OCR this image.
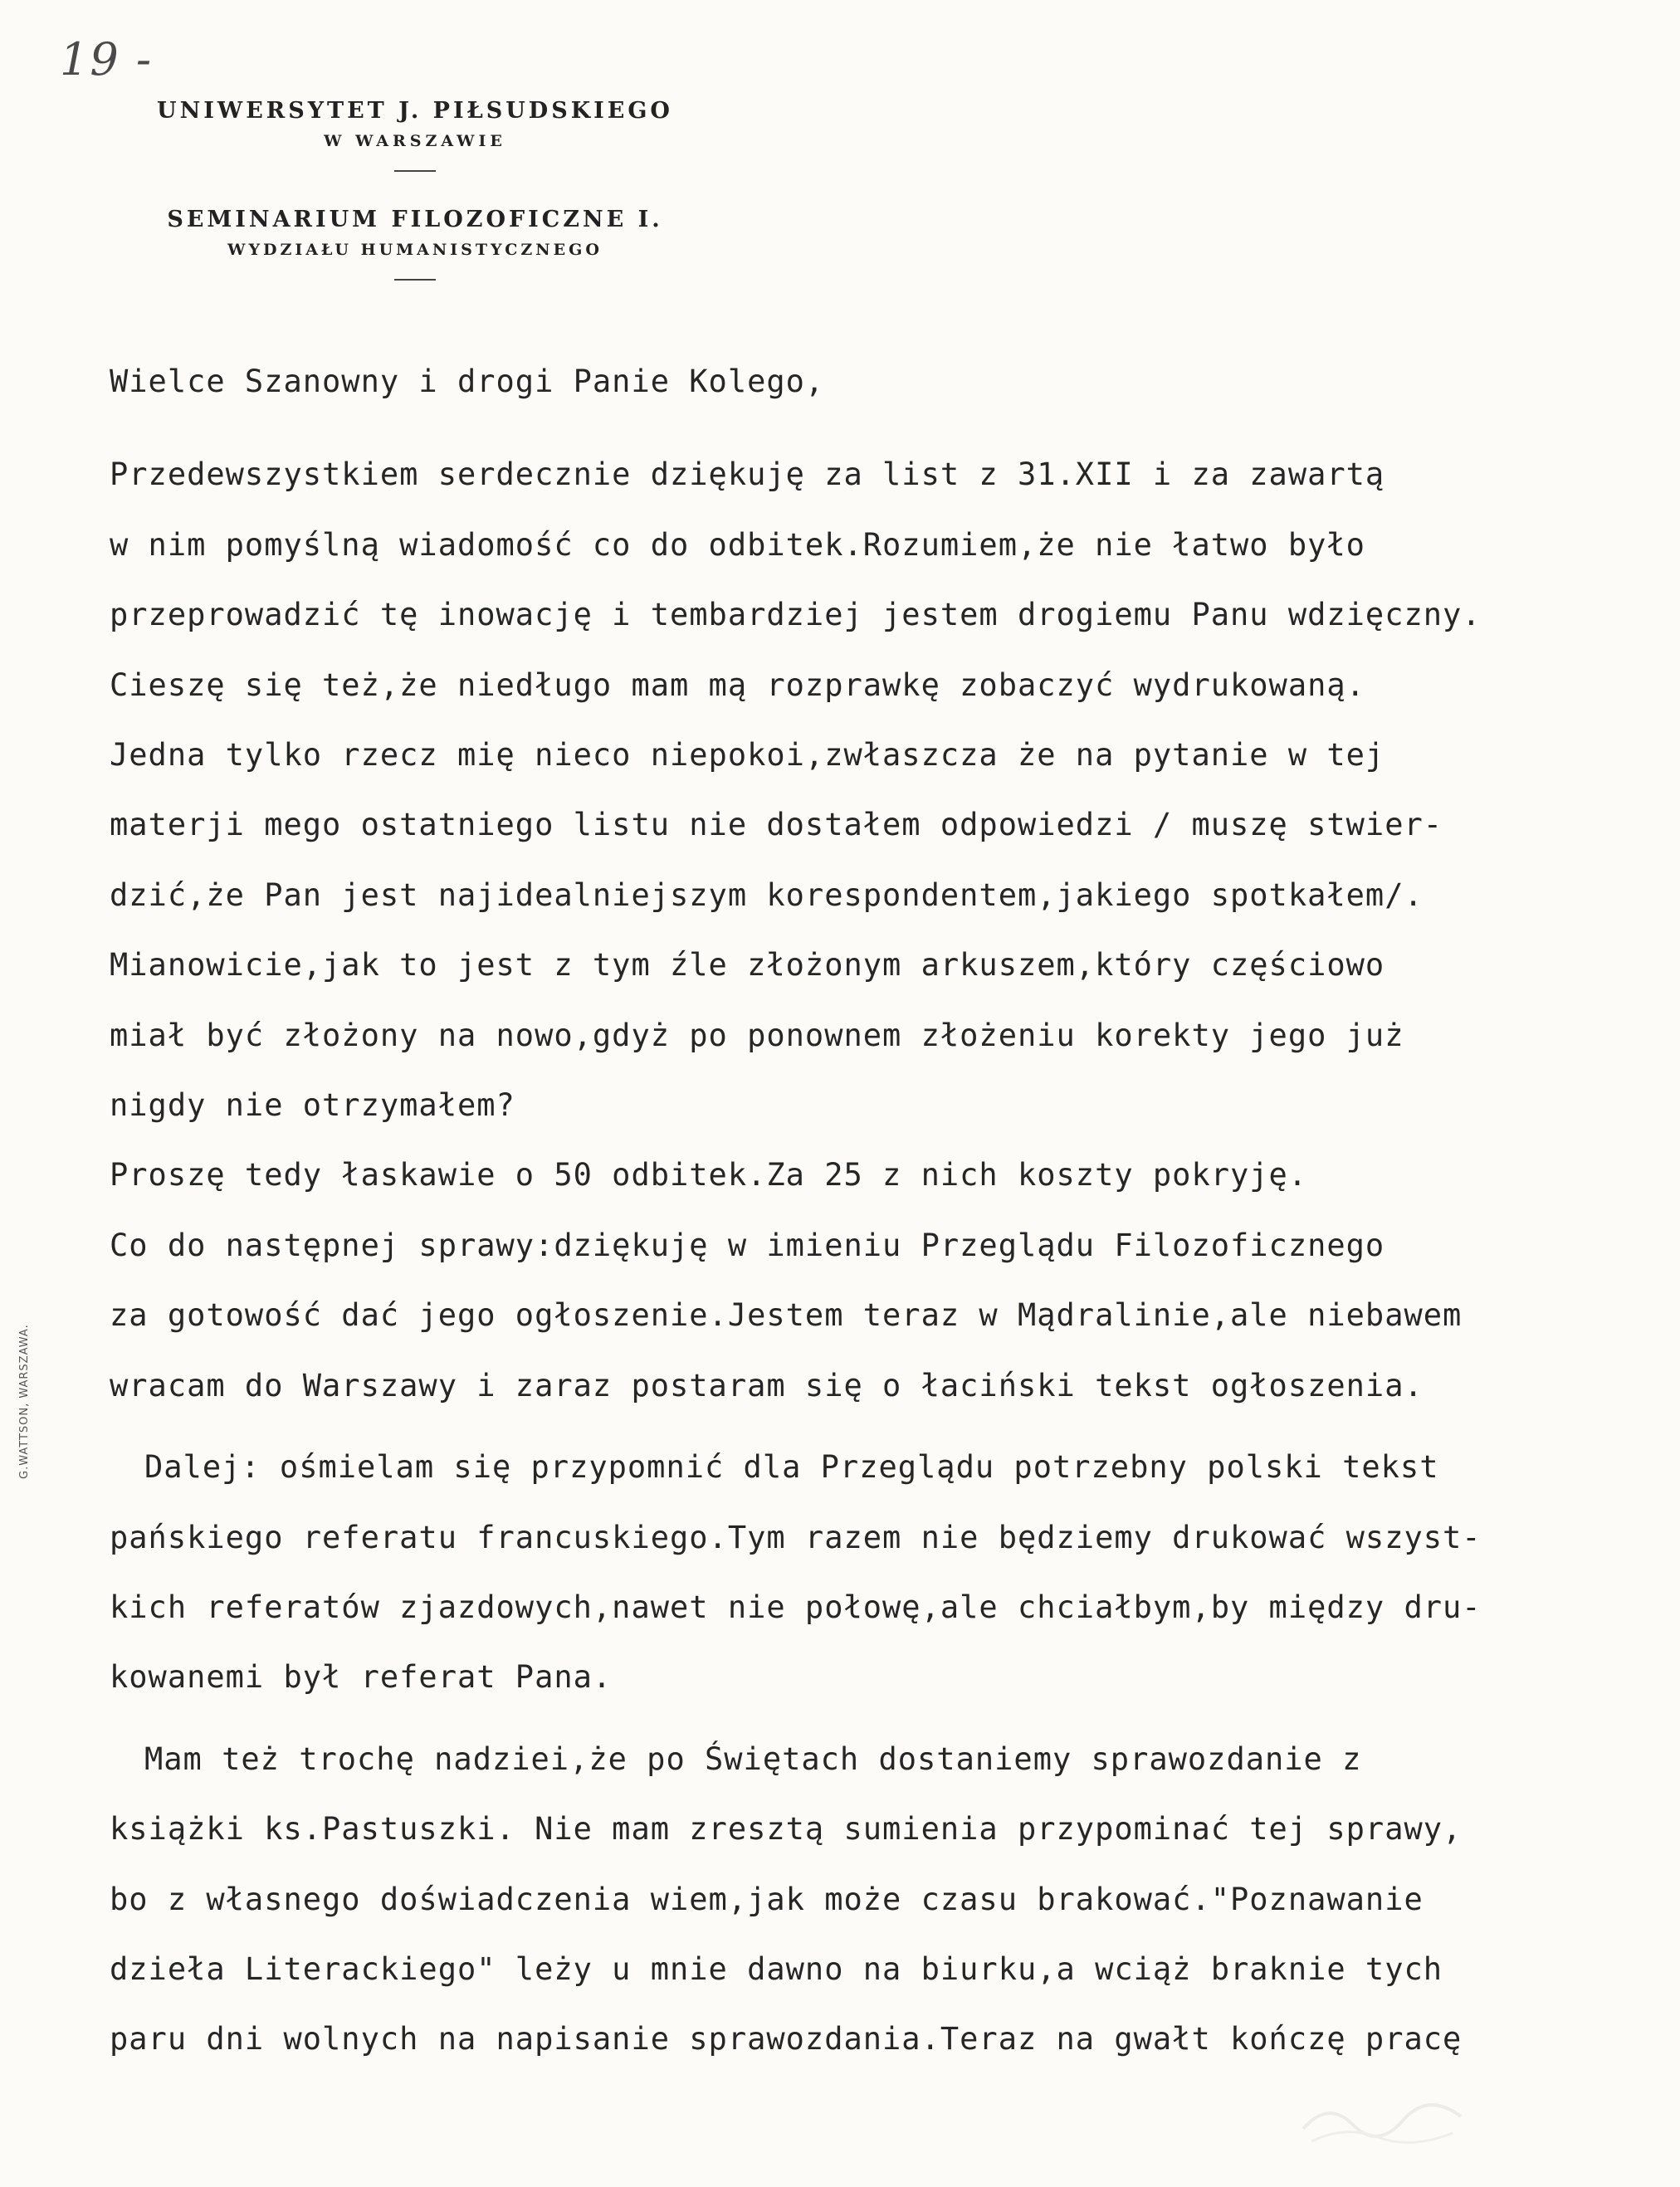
19 -
UNIWERSYTET J. PIŁSUDSKIEGO
W WARSZAWIE
SEMINARIUM FILOZOFICZNE I.
WYDZIAŁU HUMANISTYCZNEGO
Wielce Szanowny i drogi Panie Kolego,
Przedewszystkiem serdecznie dziękuję za list z 31.XII i za zawartą
w nim pomyślną wiadomość co do odbitek.Rozumiem,że nie łatwo było
przeprowadzić tę inowację i tembardziej jestem drogiemu Panu wdzięczny.
Cieszę się też,że niedługo mam mą rozprawkę zobaczyć wydrukowaną.
Jedna tylko rzecz mię nieco niepokoi,zwłaszcza że na pytanie w tej
materji mego ostatniego listu nie dostałem odpowiedzi / muszę stwier-
dzić,że Pan jest najidealniejszym korespondentem,jakiego spotkałem/.
Mianowicie,jak to jest z tym źle złożonym arkuszem,który częściowo
miał być złożony na nowo,gdyż po ponownem złożeniu korekty jego już
nigdy nie otrzymałem?
Proszę tedy łaskawie o 50 odbitek.Za 25 z nich koszty pokryję.
Co do następnej sprawy:dziękuję w imieniu Przeglądu Filozoficznego
za gotowość dać jego ogłoszenie.Jestem teraz w Mądralinie,ale niebawem
wracam do Warszawy i zaraz postaram się o łaciński tekst ogłoszenia.
Dalej: ośmielam się przypomnić dla Przeglądu potrzebny polski tekst
pańskiego referatu francuskiego.Tym razem nie będziemy drukować wszyst-
kich referatów zjazdowych,nawet nie połowę,ale chciałbym,by między dru-
kowanemi był referat Pana.
Mam też trochę nadziei,że po Świętach dostaniemy sprawozdanie z
książki ks.Pastuszki. Nie mam zresztą sumienia przypominać tej sprawy,
bo z własnego doświadczenia wiem,jak może czasu brakować."Poznawanie
dzieła Literackiego" leży u mnie dawno na biurku,a wciąż braknie tych
paru dni wolnych na napisanie sprawozdania.Teraz na gwałt kończę pracę
G.WATTSON, WARSZAWA.
